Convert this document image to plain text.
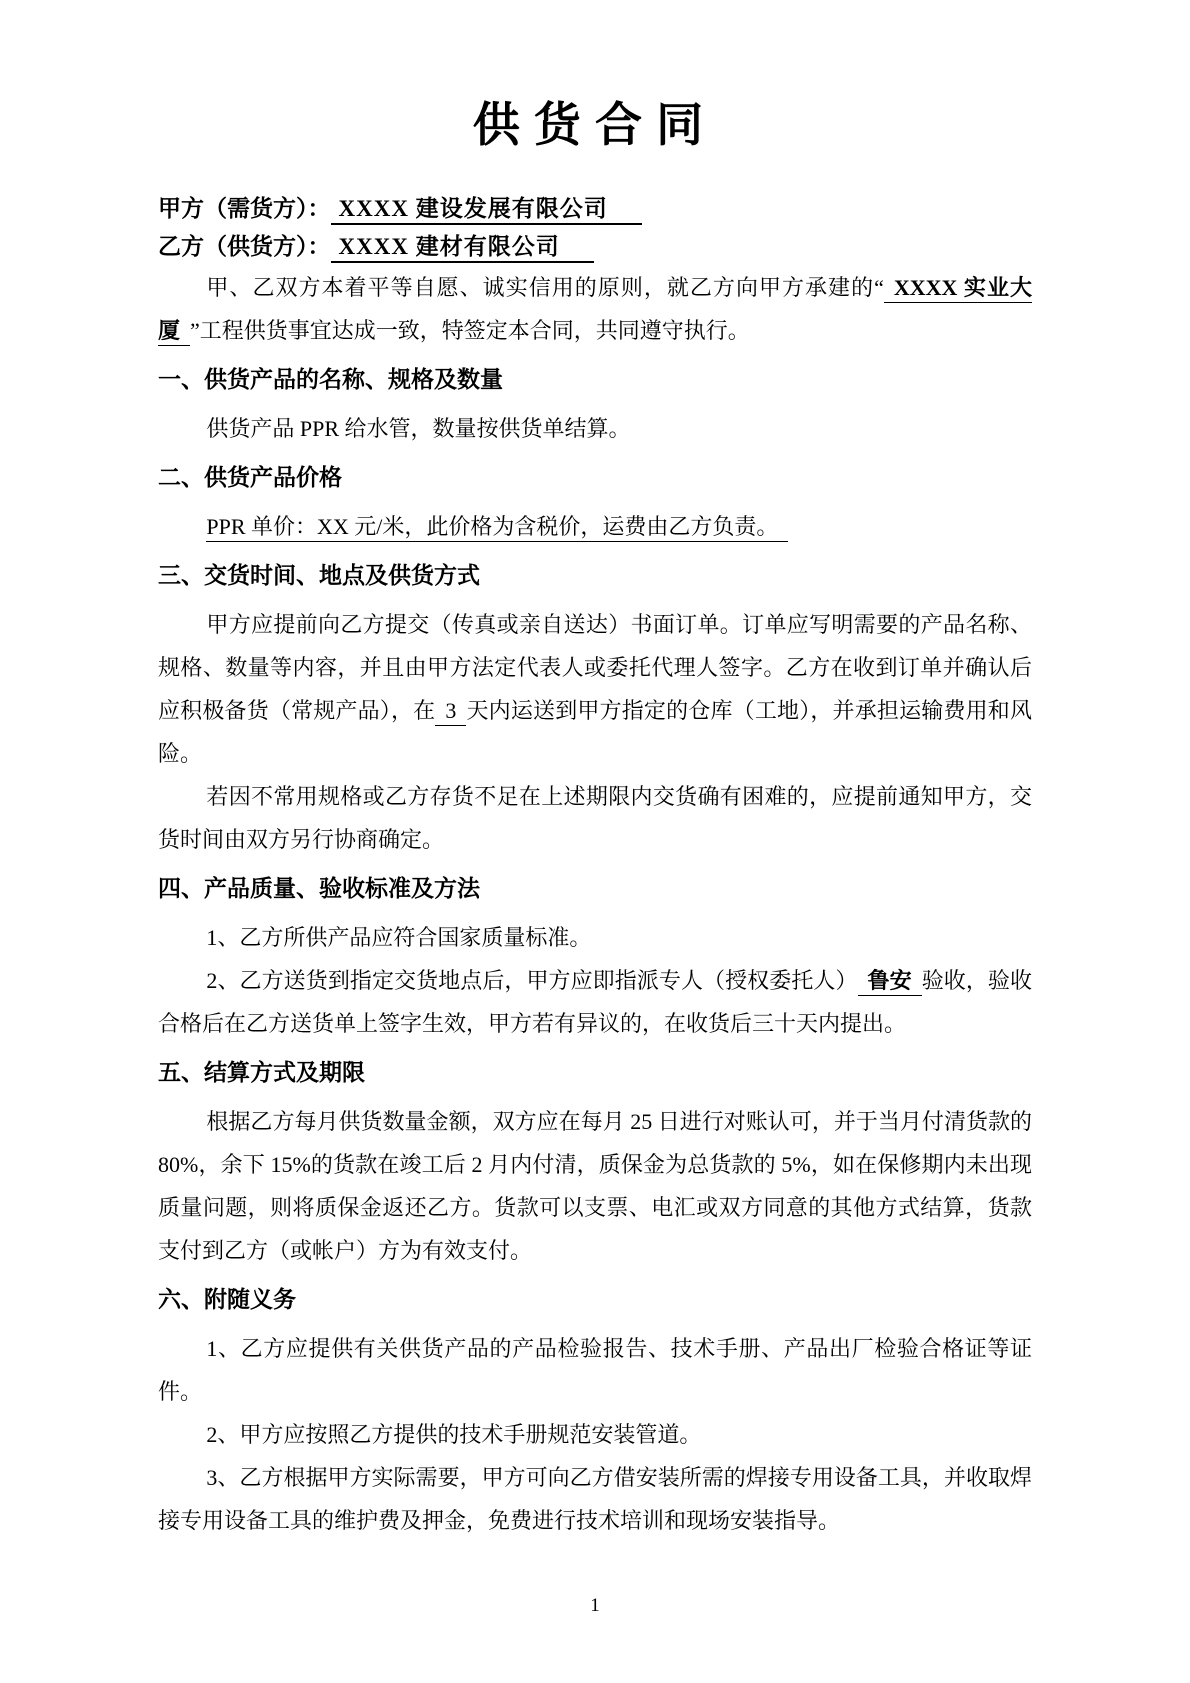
供货合同
甲方（需货方）： XXXX 建设发展有限公司
乙方（供货方）： XXXX 建材有限公司

甲、乙双方本着平等自愿、诚实信用的原则，就乙方向甲方承建的“ XXXX 实业大厦 ”工程供货事宜达成一致，特签定本合同，共同遵守执行。

一、供货产品的名称、规格及数量

供货产品 PPR 给水管，数量按供货单结算。

二、供货产品价格

PPR 单价：XX 元/米，此价格为含税价，运费由乙方负责。

三、交货时间、地点及供货方式

甲方应提前向乙方提交（传真或亲自送达）书面订单。订单应写明需要的产品名称、规格、数量等内容，并且由甲方法定代表人或委托代理人签字。乙方在收到订单并确认后应积极备货（常规产品），在 3 天内运送到甲方指定的仓库（工地），并承担运输费用和风险。

若因不常用规格或乙方存货不足在上述期限内交货确有困难的，应提前通知甲方，交货时间由双方另行协商确定。

四、产品质量、验收标准及方法

1、乙方所供产品应符合国家质量标准。

2、乙方送货到指定交货地点后，甲方应即指派专人（授权委托人） 鲁安 验收，验收合格后在乙方送货单上签字生效，甲方若有异议的，在收货后三十天内提出。

五、结算方式及期限

根据乙方每月供货数量金额，双方应在每月 25 日进行对账认可，并于当月付清货款的 80%，余下 15%的货款在竣工后 2 月内付清，质保金为总货款的 5%，如在保修期内未出现质量问题，则将质保金返还乙方。货款可以支票、电汇或双方同意的其他方式结算，货款支付到乙方（或帐户）方为有效支付。

六、附随义务

1、乙方应提供有关供货产品的产品检验报告、技术手册、产品出厂检验合格证等证件。

2、甲方应按照乙方提供的技术手册规范安装管道。

3、乙方根据甲方实际需要，甲方可向乙方借安装所需的焊接专用设备工具，并收取焊接专用设备工具的维护费及押金，免费进行技术培训和现场安装指导。

1
